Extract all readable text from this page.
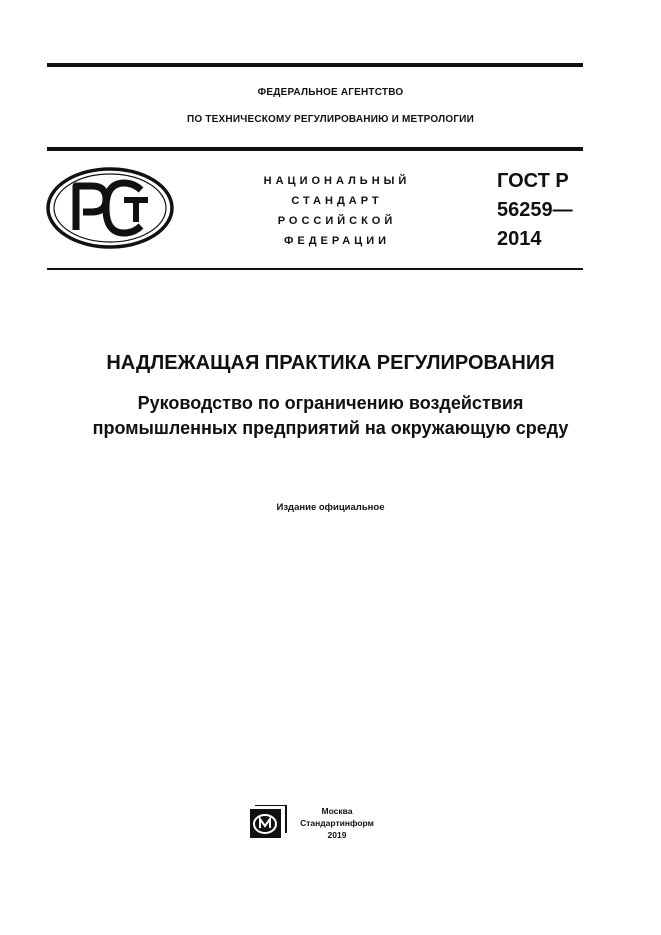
ФЕДЕРАЛЬНОЕ АГЕНТСТВО
ПО ТЕХНИЧЕСКОМУ РЕГУЛИРОВАНИЮ И МЕТРОЛОГИИ
НАЦИОНАЛЬНЫЙ
СТАНДАРТ
РОССИЙСКОЙ
ФЕДЕРАЦИИ
ГОСТ Р
56259—
2014
НАДЛЕЖАЩАЯ ПРАКТИКА РЕГУЛИРОВАНИЯ
Руководство по ограничению воздействия
промышленных предприятий на окружающую среду
Издание официальное
Москва
Стандартинформ
2019
